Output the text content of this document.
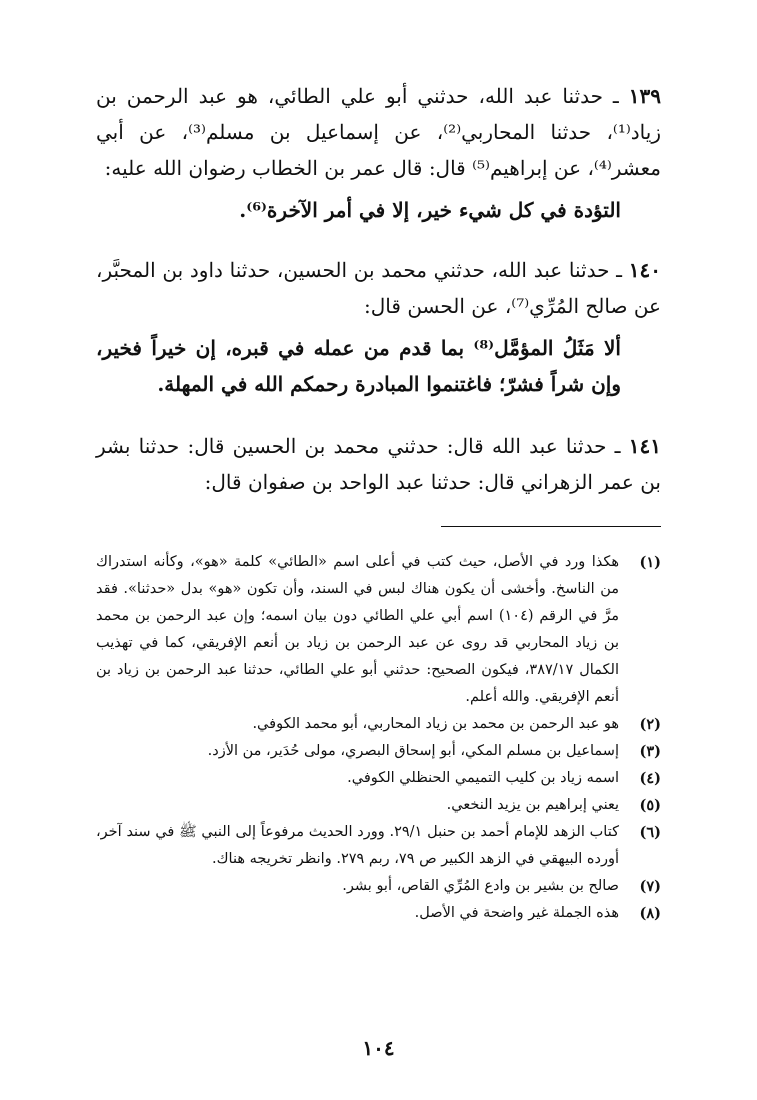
١٣٩ ـ حدثنا عبد الله، حدثني أبو علي الطائي، هو عبد الرحمن بن زياد⁽¹⁾، حدثنا المحاربي⁽²⁾، عن إسماعيل بن مسلم⁽³⁾، عن أبي معشر⁽⁴⁾، عن إبراهيم⁽⁵⁾ قال: قال عمر بن الخطاب رضوان الله عليه:
التؤدة في كل شيء خير، إلا في أمر الآخرة⁽⁶⁾.

١٤٠ ـ حدثنا عبد الله، حدثني محمد بن الحسين، حدثنا داود بن المحبَّر، عن صالح المُرِّي⁽⁷⁾، عن الحسن قال:
ألا مَثَلُ المؤمَّل⁽⁸⁾ بما قدم من عمله في قبره، إن خيراً فخير، وإن شراً فشرّ؛ فاغتنموا المبادرة رحمكم الله في المهلة.

١٤١ ـ حدثنا عبد الله قال: حدثني محمد بن الحسين قال: حدثنا بشر بن عمر الزهراني قال: حدثنا عبد الواحد بن صفوان قال:

(١)
هكذا ورد في الأصل، حيث كتب في أعلى اسم «الطائي» كلمة «هو»، وكأنه استدراك من الناسخ. وأخشى أن يكون هناك لبس في السند، وأن تكون «هو» بدل «حدثنا». فقد مرَّ في الرقم (١٠٤) اسم أبي علي الطائي دون بيان اسمه؛ وإن عبد الرحمن بن محمد بن زياد المحاربي قد روى عن عبد الرحمن بن زياد بن أنعم الإفريقي، كما في تهذيب الكمال ٣٨٧/١٧، فيكون الصحيح: حدثني أبو علي الطائي، حدثنا عبد الرحمن بن زياد بن أنعم الإفريقي. والله أعلم.
(٢)
هو عبد الرحمن بن محمد بن زياد المحاربي، أبو محمد الكوفي.
(٣)
إسماعيل بن مسلم المكي، أبو إسحاق البصري، مولى حُدَير، من الأزد.
(٤)
اسمه زياد بن كليب التميمي الحنظلي الكوفي.
(٥)
يعني إبراهيم بن يزيد النخعي.
(٦)
كتاب الزهد للإمام أحمد بن حنبل ٢٩/١. وورد الحديث مرفوعاً إلى النبي ﷺ في سند آخر، أورده البيهقي في الزهد الكبير ص ٧٩، ربم ٢٧٩. وانظر تخريجه هناك.
(٧)
صالح بن بشير بن وادع المُرِّي القاص، أبو بشر.
(٨)
هذه الجملة غير واضحة في الأصل.
١٠٤
